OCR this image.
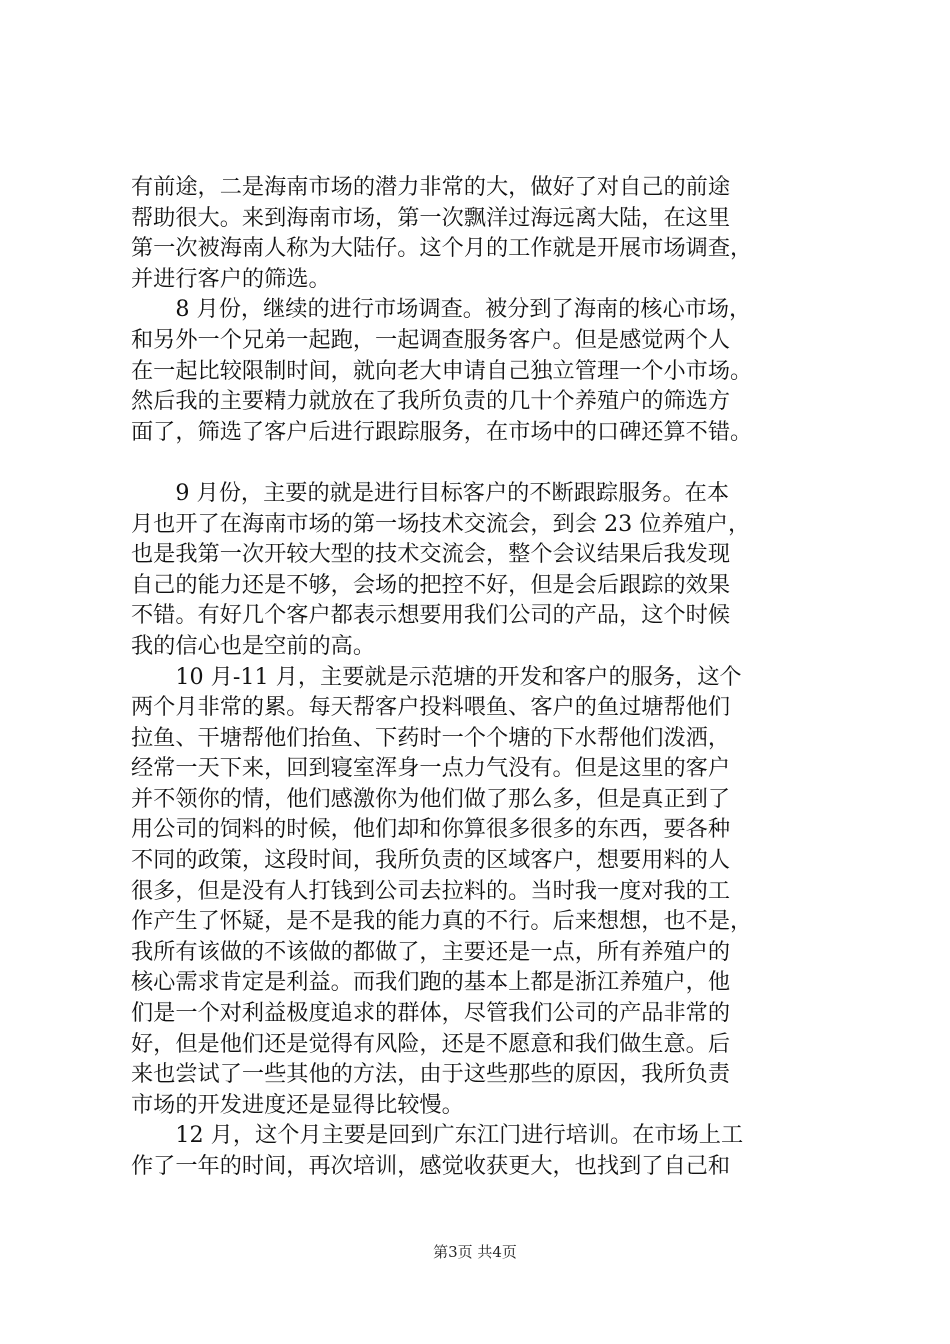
有前途，二是海南市场的潜力非常的大，做好了对自己的前途
帮助很大。来到海南市场，第一次飘洋过海远离大陆，在这里
第一次被海南人称为大陆仔。这个月的工作就是开展市场调查，
并进行客户的筛选。
　　8 月份，继续的进行市场调查。被分到了海南的核心市场，
和另外一个兄弟一起跑，一起调查服务客户。但是感觉两个人
在一起比较限制时间，就向老大申请自己独立管理一个小市场。
然后我的主要精力就放在了我所负责的几十个养殖户的筛选方
面了，筛选了客户后进行跟踪服务，在市场中的口碑还算不错。
　　9 月份，主要的就是进行目标客户的不断跟踪服务。在本
月也开了在海南市场的第一场技术交流会，到会 23 位养殖户，
也是我第一次开较大型的技术交流会，整个会议结果后我发现
自己的能力还是不够，会场的把控不好，但是会后跟踪的效果
不错。有好几个客户都表示想要用我们公司的产品，这个时候
我的信心也是空前的高。
　　10 月-11 月，主要就是示范塘的开发和客户的服务，这个
两个月非常的累。每天帮客户投料喂鱼、客户的鱼过塘帮他们
拉鱼、干塘帮他们抬鱼、下药时一个个塘的下水帮他们泼洒，
经常一天下来，回到寝室浑身一点力气没有。但是这里的客户
并不领你的情，他们感激你为他们做了那么多，但是真正到了
用公司的饲料的时候，他们却和你算很多很多的东西，要各种
不同的政策，这段时间，我所负责的区域客户，想要用料的人
很多，但是没有人打钱到公司去拉料的。当时我一度对我的工
作产生了怀疑，是不是我的能力真的不行。后来想想，也不是，
我所有该做的不该做的都做了，主要还是一点，所有养殖户的
核心需求肯定是利益。而我们跑的基本上都是浙江养殖户，他
们是一个对利益极度追求的群体，尽管我们公司的产品非常的
好，但是他们还是觉得有风险，还是不愿意和我们做生意。后
来也尝试了一些其他的方法，由于这些那些的原因，我所负责
市场的开发进度还是显得比较慢。
　　12 月，这个月主要是回到广东江门进行培训。在市场上工
作了一年的时间，再次培训，感觉收获更大，也找到了自己和
第3页 共4页
